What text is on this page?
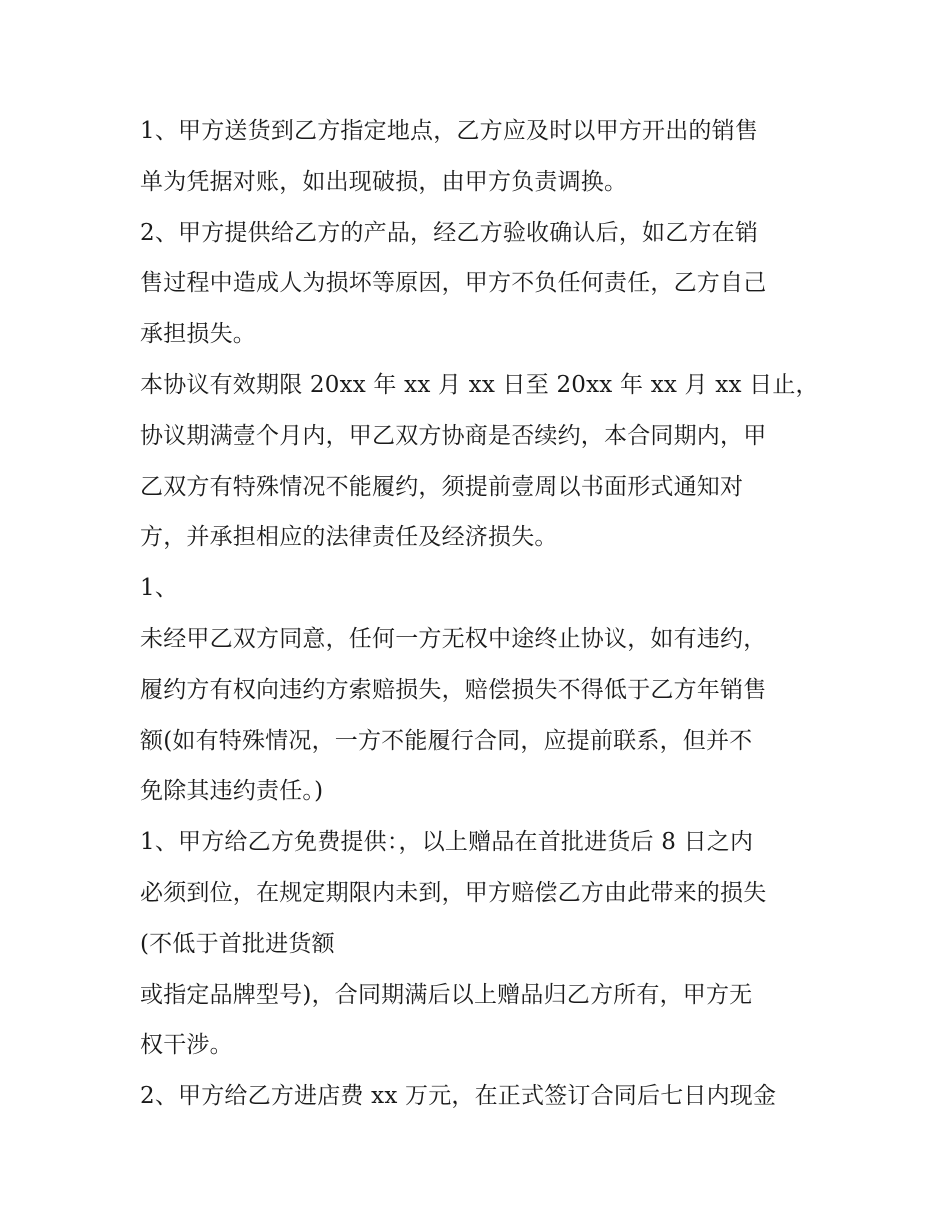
1、甲方送货到乙方指定地点，乙方应及时以甲方开出的销售
单为凭据对账，如出现破损，由甲方负责调换。
2、甲方提供给乙方的产品，经乙方验收确认后，如乙方在销
售过程中造成人为损坏等原因，甲方不负任何责任，乙方自己
承担损失。
本协议有效期限 20xx 年 xx 月 xx 日至 20xx 年 xx 月 xx 日止，
协议期满壹个月内，甲乙双方协商是否续约，本合同期内，甲
乙双方有特殊情况不能履约，须提前壹周以书面形式通知对
方，并承担相应的法律责任及经济损失。
1、
未经甲乙双方同意，任何一方无权中途终止协议，如有违约，
履约方有权向违约方索赔损失，赔偿损失不得低于乙方年销售
额(如有特殊情况，一方不能履行合同，应提前联系，但并不
免除其违约责任。)
1、甲方给乙方免费提供：，以上赠品在首批进货后 8 日之内
必须到位，在规定期限内未到，甲方赔偿乙方由此带来的损失
(不低于首批进货额
或指定品牌型号)，合同期满后以上赠品归乙方所有，甲方无
权干涉。
2、甲方给乙方进店费 xx 万元，在正式签订合同后七日内现金
